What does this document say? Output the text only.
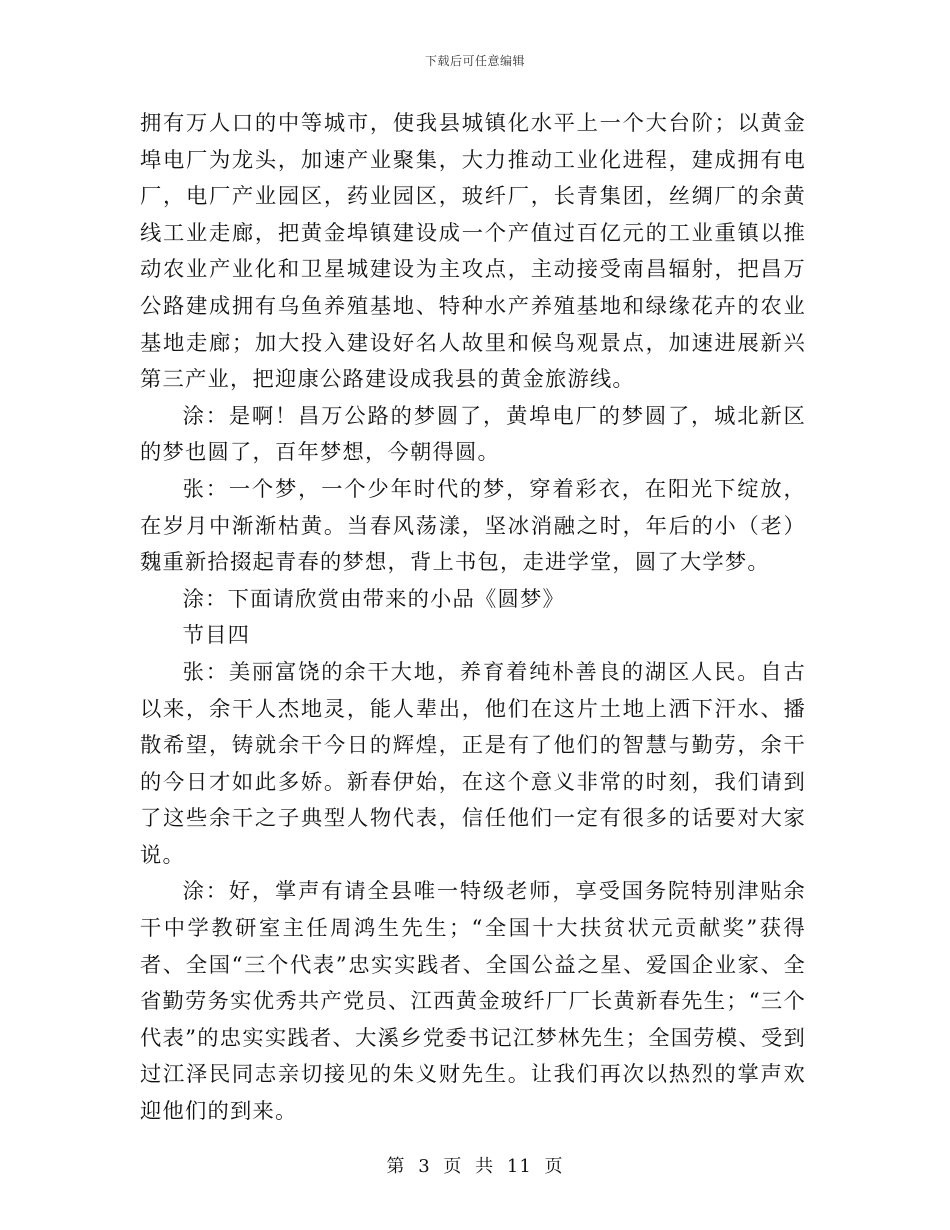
下载后可任意编辑

拥有万人口的中等城市，使我县城镇化水平上一个大台阶；以黄金埠电厂为龙头，加速产业聚集，大力推动工业化进程，建成拥有电厂，电厂产业园区，药业园区，玻纤厂，长青集团，丝绸厂的余黄线工业走廊，把黄金埠镇建设成一个产值过百亿元的工业重镇以推动农业产业化和卫星城建设为主攻点，主动接受南昌辐射，把昌万公路建成拥有乌鱼养殖基地、特种水产养殖基地和绿缘花卉的农业基地走廊；加大投入建设好名人故里和候鸟观景点，加速进展新兴第三产业，把迎康公路建设成我县的黄金旅游线。

涂：是啊！昌万公路的梦圆了，黄埠电厂的梦圆了，城北新区的梦也圆了，百年梦想，今朝得圆。

张：一个梦，一个少年时代的梦，穿着彩衣，在阳光下绽放，在岁月中渐渐枯黄。当春风荡漾，坚冰消融之时，年后的小（老）魏重新拾掇起青春的梦想，背上书包，走进学堂，圆了大学梦。

涂：下面请欣赏由带来的小品《圆梦》

节目四

张：美丽富饶的余干大地，养育着纯朴善良的湖区人民。自古以来，余干人杰地灵，能人辈出，他们在这片土地上洒下汗水、播散希望，铸就余干今日的辉煌，正是有了他们的智慧与勤劳，余干的今日才如此多娇。新春伊始，在这个意义非常的时刻，我们请到了这些余干之子典型人物代表，信任他们一定有很多的话要对大家说。

涂：好，掌声有请全县唯一特级老师，享受国务院特别津贴余干中学教研室主任周鸿生先生；“全国十大扶贫状元贡献奖”获得者、全国“三个代表”忠实实践者、全国公益之星、爱国企业家、全省勤劳务实优秀共产党员、江西黄金玻纤厂厂长黄新春先生；“三个代表”的忠实实践者、大溪乡党委书记江梦林先生；全国劳模、受到过江泽民同志亲切接见的朱义财先生。让我们再次以热烈的掌声欢迎他们的到来。

第 3 页 共 11 页
